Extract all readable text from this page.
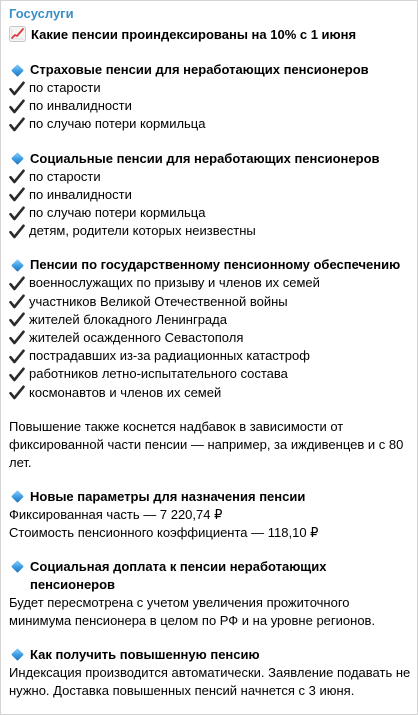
Госуслуги
Какие пенсии проиндексированы на 10% с 1 июня
Страховые пенсии для неработающих пенсионеров
по старости
по инвалидности
по случаю потери кормильца
Социальные пенсии для неработающих пенсионеров
по старости
по инвалидности
по случаю потери кормильца
детям, родители которых неизвестны
Пенсии по государственному пенсионному обеспечению
военнослужащих по призыву и членов их семей
участников Великой Отечественной войны
жителей блокадного Ленинграда
жителей осажденного Севастополя
пострадавших из-за радиационных катастроф
работников летно-испытательного состава
космонавтов и членов их семей
Повышение также коснется надбавок в зависимости от фиксированной части пенсии — например, за иждивенцев и с 80 лет.
Новые параметры для назначения пенсии
Фиксированная часть — 7 220,74 ₽
Стоимость пенсионного коэффициента — 118,10 ₽
Социальная доплата к пенсии неработающих пенсионеров
Будет пересмотрена с учетом увеличения прожиточного минимума пенсионера в целом по РФ и на уровне регионов.
Как получить повышенную пенсию
Индексация производится автоматически. Заявление подавать не нужно. Доставка повышенных пенсий начнется с 3 июня.
